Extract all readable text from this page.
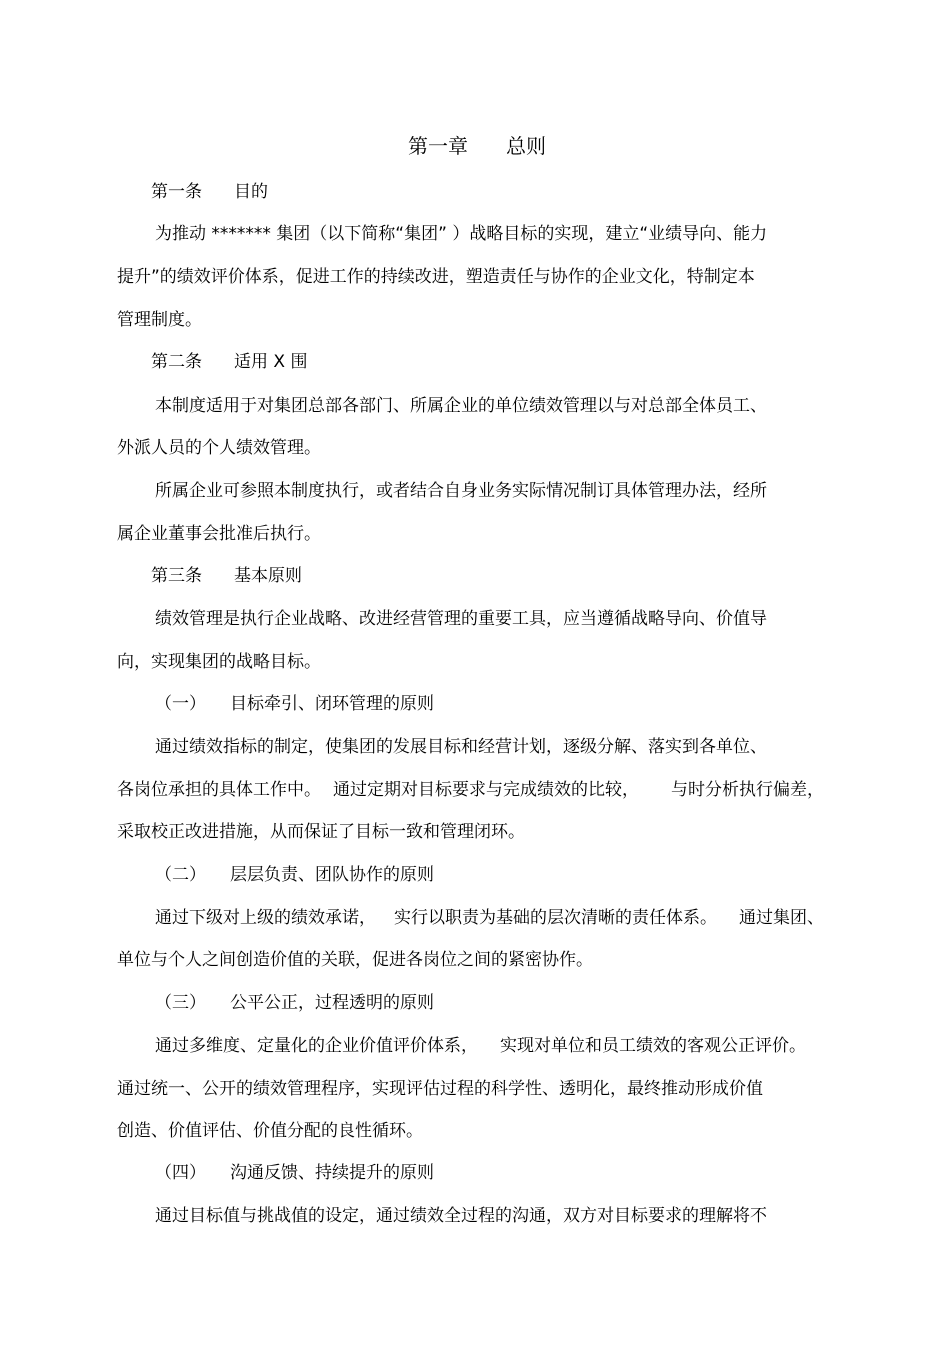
第一章 总则
第一条 目的
为推动 ******* 集团（以下简称“集团” ）战略目标的实现，建立“业绩导向、能力
提升”的绩效评价体系，促进工作的持续改进，塑造责任与协作的企业文化，特制定本
管理制度。
第二条 适用 X 围
本制度适用于对集团总部各部门、所属企业的单位绩效管理以与对总部全体员工、
外派人员的个人绩效管理。
所属企业可参照本制度执行，或者结合自身业务实际情况制订具体管理办法，经所
属企业董事会批准后执行。
第三条 基本原则
绩效管理是执行企业战略、改进经营管理的重要工具，应当遵循战略导向、价值导
向，实现集团的战略目标。
（一） 目标牵引、闭环管理的原则
通过绩效指标的制定，使集团的发展目标和经营计划，逐级分解、落实到各单位、
各岗位承担的具体工作中。 通过定期对目标要求与完成绩效的比较， 与时分析执行偏差，
采取校正改进措施，从而保证了目标一致和管理闭环。
（二） 层层负责、团队协作的原则
通过下级对上级的绩效承诺， 实行以职责为基础的层次清晰的责任体系。 通过集团、
单位与个人之间创造价值的关联，促进各岗位之间的紧密协作。
（三） 公平公正，过程透明的原则
通过多维度、定量化的企业价值评价体系， 实现对单位和员工绩效的客观公正评价。
通过统一、公开的绩效管理程序，实现评估过程的科学性、透明化，最终推动形成价值
创造、价值评估、价值分配的良性循环。
（四） 沟通反馈、持续提升的原则
通过目标值与挑战值的设定，通过绩效全过程的沟通，双方对目标要求的理解将不
